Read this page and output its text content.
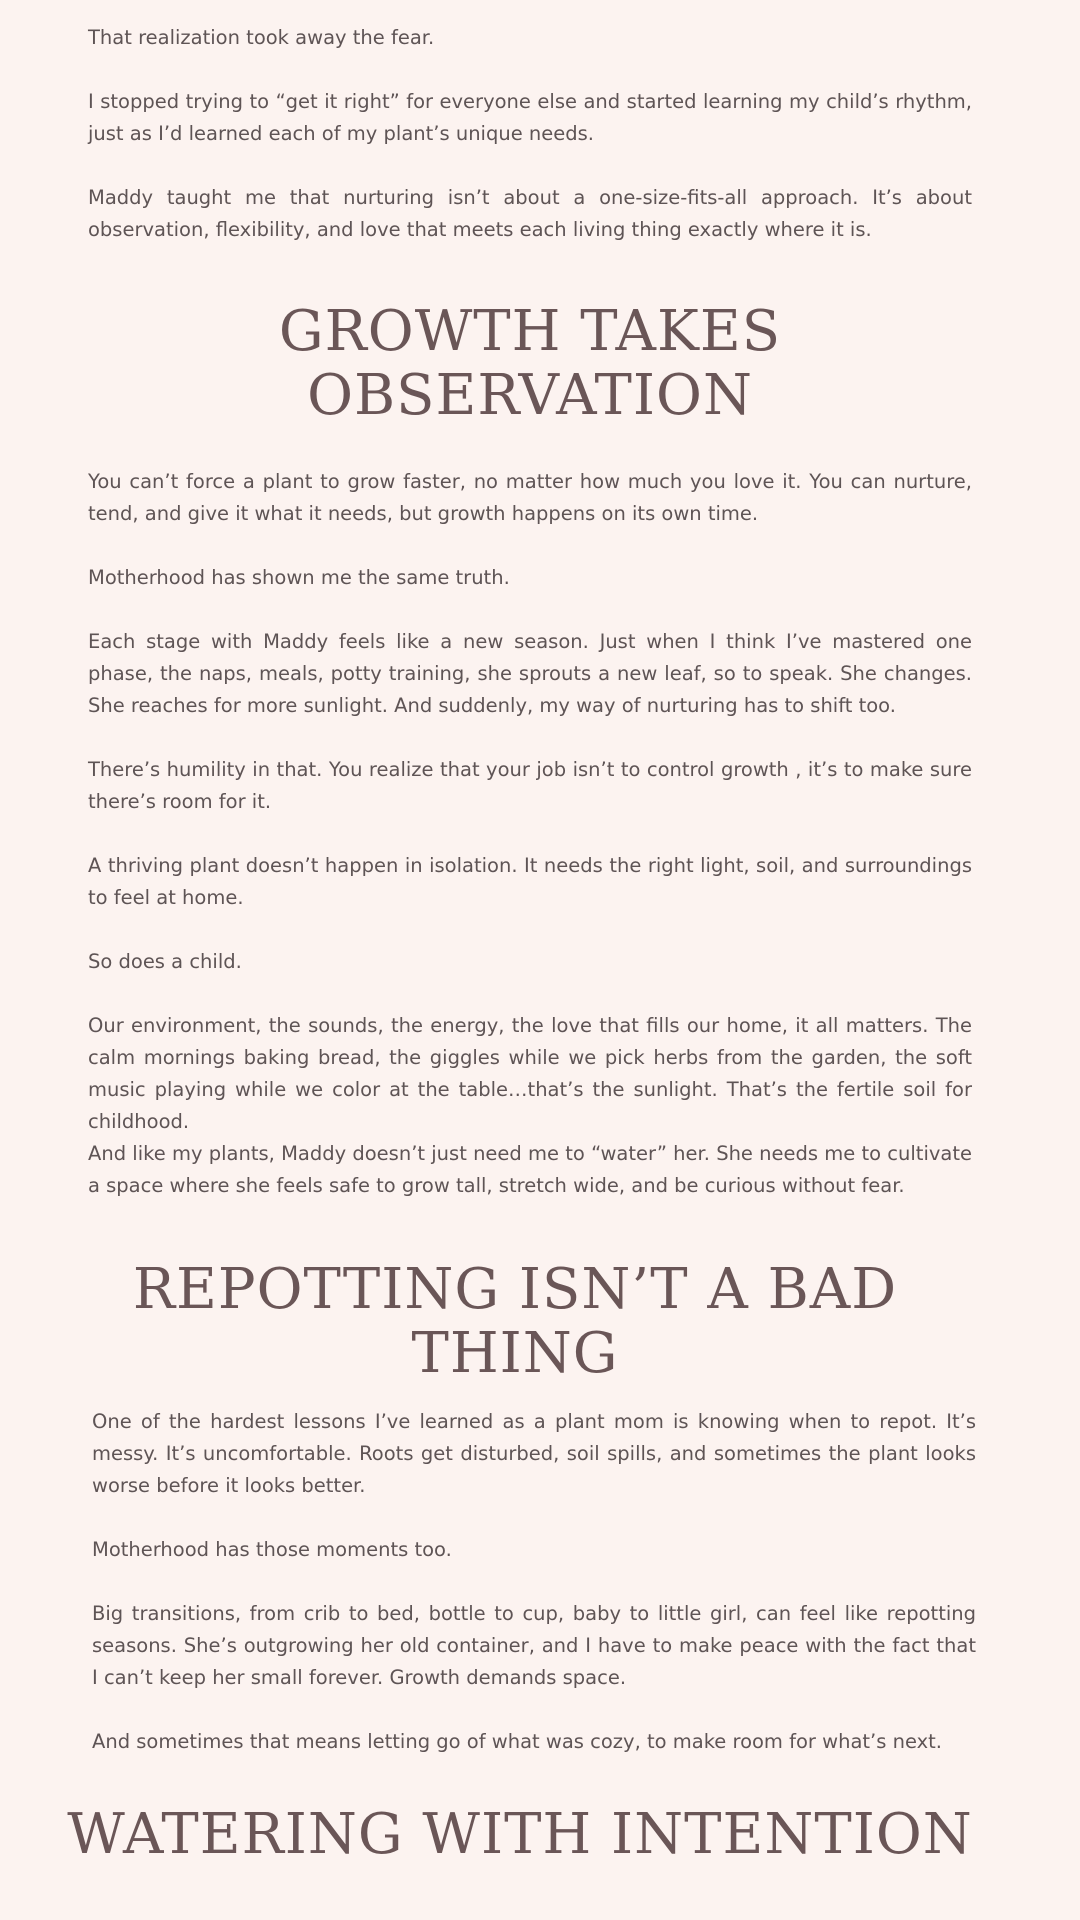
That realization took away the fear.

I stopped trying to “get it right” for everyone else and started learning my child’s rhythm, just as I’d learned each of my plant’s unique needs.

Maddy taught me that nurturing isn’t about a one-size-fits-all approach. It’s about observation, flexibility, and love that meets each living thing exactly where it is.

GROWTH TAKES OBSERVATION

You can’t force a plant to grow faster, no matter how much you love it. You can nurture, tend, and give it what it needs, but growth happens on its own time.

Motherhood has shown me the same truth.

Each stage with Maddy feels like a new season. Just when I think I’ve mastered one phase, the naps, meals, potty training, she sprouts a new leaf, so to speak. She changes. She reaches for more sunlight. And suddenly, my way of nurturing has to shift too.

There’s humility in that. You realize that your job isn’t to control growth , it’s to make sure there’s room for it.

A thriving plant doesn’t happen in isolation. It needs the right light, soil, and surroundings to feel at home.

So does a child.

Our environment, the sounds, the energy, the love that fills our home, it all matters. The calm mornings baking bread, the giggles while we pick herbs from the garden, the soft music playing while we color at the table…that’s the sunlight. That’s the fertile soil for childhood.

And like my plants, Maddy doesn’t just need me to “water” her. She needs me to cultivate a space where she feels safe to grow tall, stretch wide, and be curious without fear.

REPOTTING ISN’T A BAD THING

One of the hardest lessons I’ve learned as a plant mom is knowing when to repot. It’s messy. It’s uncomfortable. Roots get disturbed, soil spills, and sometimes the plant looks worse before it looks better.

Motherhood has those moments too.

Big transitions, from crib to bed, bottle to cup, baby to little girl, can feel like repotting seasons. She’s outgrowing her old container, and I have to make peace with the fact that I can’t keep her small forever. Growth demands space.

And sometimes that means letting go of what was cozy, to make room for what’s next.

WATERING WITH INTENTION
